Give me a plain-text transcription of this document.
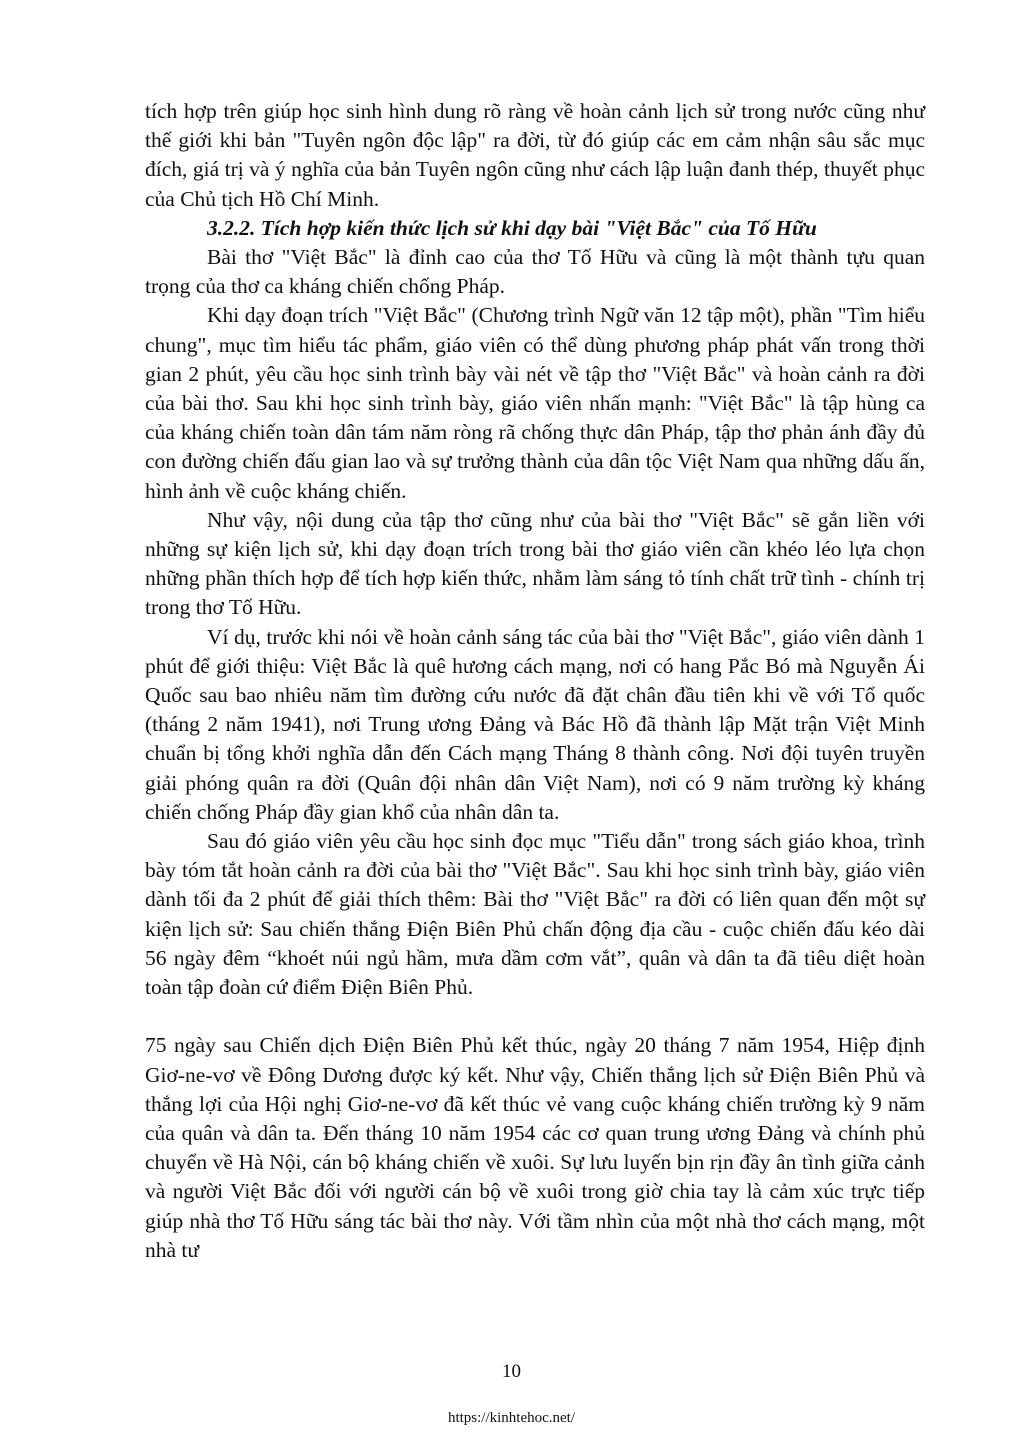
tích hợp trên giúp học sinh hình dung rõ ràng về hoàn cảnh lịch sử trong nước cũng như thế giới khi bản "Tuyên ngôn độc lập" ra đời, từ đó giúp các em cảm nhận sâu sắc mục đích, giá trị và ý nghĩa của bản Tuyên ngôn cũng như cách lập luận đanh thép, thuyết phục của Chủ tịch Hồ Chí Minh.

3.2.2. Tích hợp kiến thức lịch sử khi dạy bài "Việt Bắc" của Tố Hữu

Bài thơ "Việt Bắc" là đỉnh cao của thơ Tố Hữu và cũng là một thành tựu quan trọng của thơ ca kháng chiến chống Pháp.

Khi dạy đoạn trích "Việt Bắc" (Chương trình Ngữ văn 12 tập một), phần "Tìm hiểu chung", mục tìm hiểu tác phẩm, giáo viên có thể dùng phương pháp phát vấn trong thời gian 2 phút, yêu cầu học sinh trình bày vài nét về tập thơ "Việt Bắc" và hoàn cảnh ra đời của bài thơ. Sau khi học sinh trình bày, giáo viên nhấn mạnh: "Việt Bắc" là tập hùng ca của kháng chiến toàn dân tám năm ròng rã chống thực dân Pháp, tập thơ phản ánh đầy đủ con đường chiến đấu gian lao và sự trưởng thành của dân tộc Việt Nam qua những dấu ấn, hình ảnh về cuộc kháng chiến.

Như vậy, nội dung của tập thơ cũng như của bài thơ "Việt Bắc" sẽ gắn liền với những sự kiện lịch sử, khi dạy đoạn trích trong bài thơ giáo viên cần khéo léo lựa chọn những phần thích hợp để tích hợp kiến thức, nhằm làm sáng tỏ tính chất trữ tình - chính trị trong thơ Tố Hữu.

Ví dụ, trước khi nói về hoàn cảnh sáng tác của bài thơ "Việt Bắc", giáo viên dành 1 phút để giới thiệu: Việt Bắc là quê hương cách mạng, nơi có hang Pắc Bó mà Nguyễn Ái Quốc sau bao nhiêu năm tìm đường cứu nước đã đặt chân đầu tiên khi về với Tổ quốc (tháng 2 năm 1941), nơi Trung ương Đảng và Bác Hồ đã thành lập Mặt trận Việt Minh chuẩn bị tổng khởi nghĩa dẫn đến Cách mạng Tháng 8 thành công. Nơi đội tuyên truyền giải phóng quân ra đời (Quân đội nhân dân Việt Nam), nơi có 9 năm trường kỳ kháng chiến chống Pháp đầy gian khổ của nhân dân ta.

Sau đó giáo viên yêu cầu học sinh đọc mục "Tiểu dẫn" trong sách giáo khoa, trình bày tóm tắt hoàn cảnh ra đời của bài thơ "Việt Bắc". Sau khi học sinh trình bày, giáo viên dành tối đa 2 phút để giải thích thêm: Bài thơ "Việt Bắc" ra đời có liên quan đến một sự kiện lịch sử: Sau chiến thắng Điện Biên Phủ chấn động địa cầu - cuộc chiến đấu kéo dài 56 ngày đêm “khoét núi ngủ hầm, mưa dầm cơm vắt”, quân và dân ta đã tiêu diệt hoàn toàn tập đoàn cứ điểm Điện Biên Phủ.

75 ngày sau Chiến dịch Điện Biên Phủ kết thúc, ngày 20 tháng 7 năm 1954, Hiệp định Giơ-ne-vơ về Đông Dương được ký kết. Như vậy, Chiến thắng lịch sử Điện Biên Phủ và thắng lợi của Hội nghị Giơ-ne-vơ đã kết thúc vẻ vang cuộc kháng chiến trường kỳ 9 năm của quân và dân ta. Đến tháng 10 năm 1954 các cơ quan trung ương Đảng và chính phủ chuyển về Hà Nội, cán bộ kháng chiến về xuôi. Sự lưu luyến bịn rịn đầy ân tình giữa cảnh và người Việt Bắc đối với người cán bộ về xuôi trong giờ chia tay là cảm xúc trực tiếp giúp nhà thơ Tố Hữu sáng tác bài thơ này. Với tầm nhìn của một nhà thơ cách mạng, một nhà tư

10
https://kinhtehoc.net/
